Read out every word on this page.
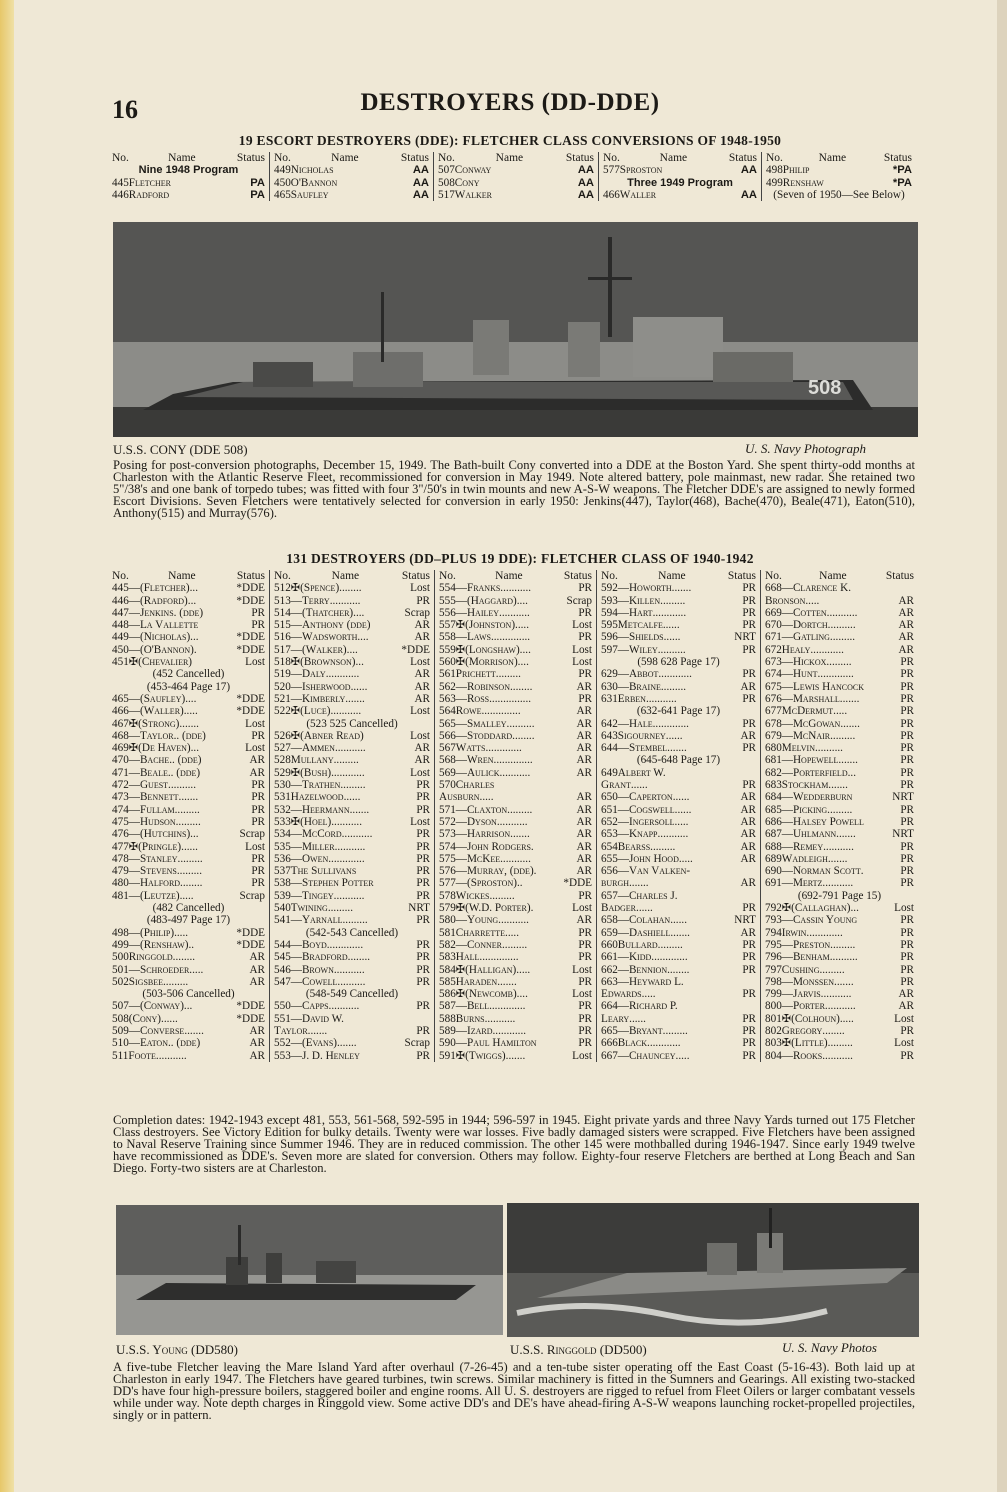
16	DESTROYERS (DD-DDE)
19 ESCORT DESTROYERS (DDE): FLETCHER CLASS CONVERSIONS OF 1948-1950
No.	Name	Status
Nine 1948 Program
445 Fletcher	PA
446 Radford	PA
No.	Name	Status
449 Nicholas	AA
450 O'Bannon	AA
465 Saufley	AA
No.	Name	Status
507 Conway	AA
508 Cony	AA
517 Walker	AA
No.	Name	Status
577 Sproston	AA
Three 1949 Program
466 Waller	AA
No.	Name	Status
498 Philip	*PA
499 Renshaw	*PA
(Seven of 1950—See Below)
508
U.S.S. CONY (DDE 508)	U. S. Navy Photograph

Posing for post-conversion photographs, December 15, 1949. The Bath-built Cony converted into a DDE at the Boston Yard. She spent thirty-odd months at Charleston with the Atlantic Reserve Fleet, recommissioned for conversion in May 1949. Note altered battery, pole mainmast, new radar. She retained two 5"/38's and one bank of torpedo tubes; was fitted with four 3"/50's in twin mounts and new A-S-W weapons. The Fletcher DDE's are assigned to newly formed Escort Divisions. Seven Fletchers were tentatively selected for conversion in early 1950: Jenkins(447), Taylor(468), Bache(470), Beale(471), Eaton(510), Anthony(515) and Murray(576).

131 DESTROYERS (DD–PLUS 19 DDE): FLETCHER CLASS OF 1940-1942
No.	Name	Status
445— (Fletcher)...	*DDE
446— (Radford)...	*DDE
447— Jenkins. (dde)	PR
448— La Vallette	PR
449— (Nicholas)...	*DDE
450— (O'Bannon).	*DDE
451✠ (Chevalier)	Lost
(452 Cancelled)
(453-464 Page 17)
465— (Saufley)....	*DDE
466— (Waller).....	*DDE
467✠ (Strong).......	Lost
468— Taylor.. (dde)	PR
469✠ (De Haven)...	Lost
470— Bache.. (dde)	AR
471— Beale.. (dde)	AR
472— Guest..........	PR
473— Bennett.......	PR
474— Fullam.........	PR
475— Hudson.........	PR
476— (Hutchins)...	Scrap
477✠ (Pringle)......	Lost
478— Stanley.........	PR
479— Stevens.........	PR
480— Halford........	PR
481— (Leutze).....	Scrap
(482 Cancelled)
(483-497 Page 17)
498— (Philip).....	*DDE
499— (Renshaw)..	*DDE
500 Ringgold........	AR
501— Schroeder.....	AR
502 Sigsbee.........	AR
(503-506 Cancelled)
507— (Conway)...	*DDE
508 (Cony)......	*DDE
509— Converse.......	AR
510— Eaton.. (dde)	AR
511 Foote...........	AR
No.	Name	Status
512✠ (Spence)........	Lost
513— Terry...........	PR
514— (Thatcher)....	Scrap
515— Anthony (dde)	AR
516— Wadsworth....	AR
517— (Walker)....	*DDE
518✠ (Brownson)...	Lost
519— Daly............	AR
520— Isherwood......	AR
521— Kimberly.......	AR
522✠ (Luce)...........	Lost
(523 525 Cancelled)
526✠ (Abner Read)	Lost
527— Ammen...........	AR
528 Mullany.........	AR
529✠ (Bush)............	Lost
530— Trathen.........	PR
531 Hazelwood......	PR
532— Heermann.......	PR
533✠ (Hoel)...........	Lost
534— McCord...........	PR
535— Miller...........	PR
536— Owen.............	PR
537 The Sullivans	PR
538— Stephen Potter	PR
539— Tingey...........	PR
540 Twining.........	NRT
541— Yarnall.........	PR
(542-543 Cancelled)
544— Boyd.............	PR
545— Bradford........	PR
546— Brown...........	PR
547— Cowell..........	PR
(548-549 Cancelled)
550— Capps...........	PR
551— David W.
Taylor.......	PR
552— (Evans).......	Scrap
553— J. D. Henley	PR
No.	Name	Status
554— Franks...........	PR
555— (Haggard)....	Scrap
556— Hailey...........	PR
557✠ (Johnston).....	Lost
558— Laws..............	PR
559✠ (Longshaw)....	Lost
560✠ (Morrison)....	Lost
561 Prichett.........	PR
562— Robinson........	AR
563— Ross...............	PR
564 Rowe..............	AR
565— Smalley..........	AR
566— Stoddard........	AR
567 Watts.............	AR
568— Wren..............	AR
569— Aulick...........	AR
570 Charles
Ausburn.....	AR
571— Claxton.........	AR
572— Dyson...........	AR
573— Harrison.......	AR
574— John Rodgers.	AR
575— McKee...........	AR
576— Murray, (dde).	AR
577— (Sproston)..	*DDE
578 Wickes.........	PR
579✠ (W.D. Porter).	Lost
580— Young...........	AR
581 Charrette.....	PR
582— Conner.........	PR
583 Hall..............	PR
584✠ (Halligan).....	Lost
585 Haraden.......	PR
586✠ (Newcomb)....	Lost
587— Bell.............	PR
588 Burns...........	PR
589— Izard............	PR
590— Paul Hamilton	PR
591✠ (Twiggs).......	Lost
No.	Name	Status
592— Howorth.......	PR
593— Killen.........	PR
594— Hart............	PR
595 Metcalfe......	PR
596— Shields......	NRT
597— Wiley..........	PR
(598 628 Page 17)
629— Abbot............	PR
630— Braine.........	AR
631 Erben...........	PR
(632-641 Page 17)
642— Hale.............	PR
643 Sigourney......	AR
644— Stembel.......	PR
(645-648 Page 17)
649 Albert W.
Grant......	PR
650— Caperton......	AR
651— Cogswell......	AR
652— Ingersoll.....	AR
653— Knapp...........	AR
654 Bearss.........	AR
655— John Hood.....	AR
656— Van Valken-
burgh.......	AR
657— Charles J.
Badger......	PR
658— Colahan......	NRT
659— Dashiell.......	AR
660 Bullard.........	PR
661— Kidd.............	PR
662— Bennion........	PR
663— Heyward L.
Edwards.....	PR
664— Richard P.
Leary......	PR
665— Bryant.........	PR
666 Black............	PR
667— Chauncey.....	PR
No.	Name	Status
668— Clarence K.
Bronson.....	AR
669— Cotten...........	AR
670— Dortch..........	AR
671— Gatling.........	AR
672 Healy............	AR
673— Hickox.........	PR
674— Hunt.............	PR
675— Lewis Hancock	PR
676— Marshall.......	PR
677 McDermut.....	PR
678— McGowan.......	PR
679— McNair.........	PR
680 Melvin..........	PR
681— Hopewell.......	PR
682— Porterfield...	PR
683 Stockham.......	PR
684— Wedderburn	NRT
685— Picking.........	PR
686— Halsey Powell	PR
687— Uhlmann.......	NRT
688— Remey...........	PR
689 Wadleigh.......	PR
690— Norman Scott.	PR
691— Mertz...........	PR
(692-791 Page 15)
792✠ (Callaghan)...	Lost
793— Cassin Young	PR
794 Irwin.............	PR
795— Preston.........	PR
796— Benham..........	PR
797 Cushing.........	PR
798— Monssen.......	PR
799— Jarvis...........	AR
800— Porter...........	AR
801✠ (Colhoun).....	Lost
802 Gregory........	PR
803✠ (Little).........	Lost
804— Rooks...........	PR

Completion dates: 1942-1943 except 481, 553, 561-568, 592-595 in 1944; 596-597 in 1945. Eight private yards and three Navy Yards turned out 175 Fletcher Class destroyers. See Victory Edition for bulky details. Twenty were war losses. Five badly damaged sisters were scrapped. Five Fletchers have been assigned to Naval Reserve Training since Summer 1946. They are in reduced commission. The other 145 were mothballed during 1946-1947. Since early 1949 twelve have recommissioned as DDE's. Seven more are slated for conversion. Others may follow. Eighty-four reserve Fletchers are berthed at Long Beach and San Diego. Forty-two sisters are at Charleston.

U.S.S. Young (DD580)	U.S.S. Ringgold (DD500)	U. S. Navy Photos

A five-tube Fletcher leaving the Mare Island Yard after overhaul (7-26-45) and a ten-tube sister operating off the East Coast (5-16-43). Both laid up at Charleston in early 1947. The Fletchers have geared turbines, twin screws. Similar machinery is fitted in the Sumners and Gearings. All existing two-stacked DD's have four high-pressure boilers, staggered boiler and engine rooms. All U. S. destroyers are rigged to refuel from Fleet Oilers or larger combatant vessels while under way. Note depth charges in Ringgold view. Some active DD's and DE's have ahead-firing A-S-W weapons launching rocket-propelled projectiles, singly or in pattern.
